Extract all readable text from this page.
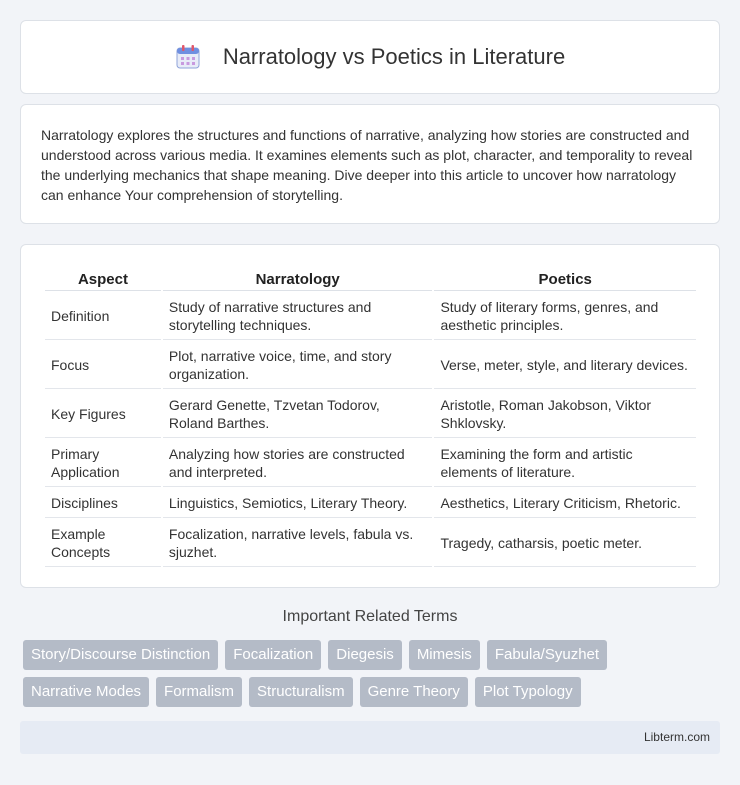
Narratology vs Poetics in Literature

Narratology explores the structures and functions of narrative, analyzing how stories are constructed and understood across various media. It examines elements such as plot, character, and temporality to reveal the underlying mechanics that shape meaning. Dive deeper into this article to uncover how narratology can enhance Your comprehension of storytelling.

Aspect	Narratology	Poetics
Definition	Study of narrative structures and storytelling techniques.	Study of literary forms, genres, and aesthetic principles.
Focus	Plot, narrative voice, time, and story organization.	Verse, meter, style, and literary devices.
Key Figures	Gerard Genette, Tzvetan Todorov, Roland Barthes.	Aristotle, Roman Jakobson, Viktor Shklovsky.
Primary Application	Analyzing how stories are constructed and interpreted.	Examining the form and artistic elements of literature.
Disciplines	Linguistics, Semiotics, Literary Theory.	Aesthetics, Literary Criticism, Rhetoric.
Example Concepts	Focalization, narrative levels, fabula vs. sjuzhet.	Tragedy, catharsis, poetic meter.
Important Related Terms
Story/Discourse Distinction	Focalization	Diegesis	Mimesis	Fabula/Syuzhet
Narrative Modes	Formalism	Structuralism	Genre Theory	Plot Typology
Libterm.com
